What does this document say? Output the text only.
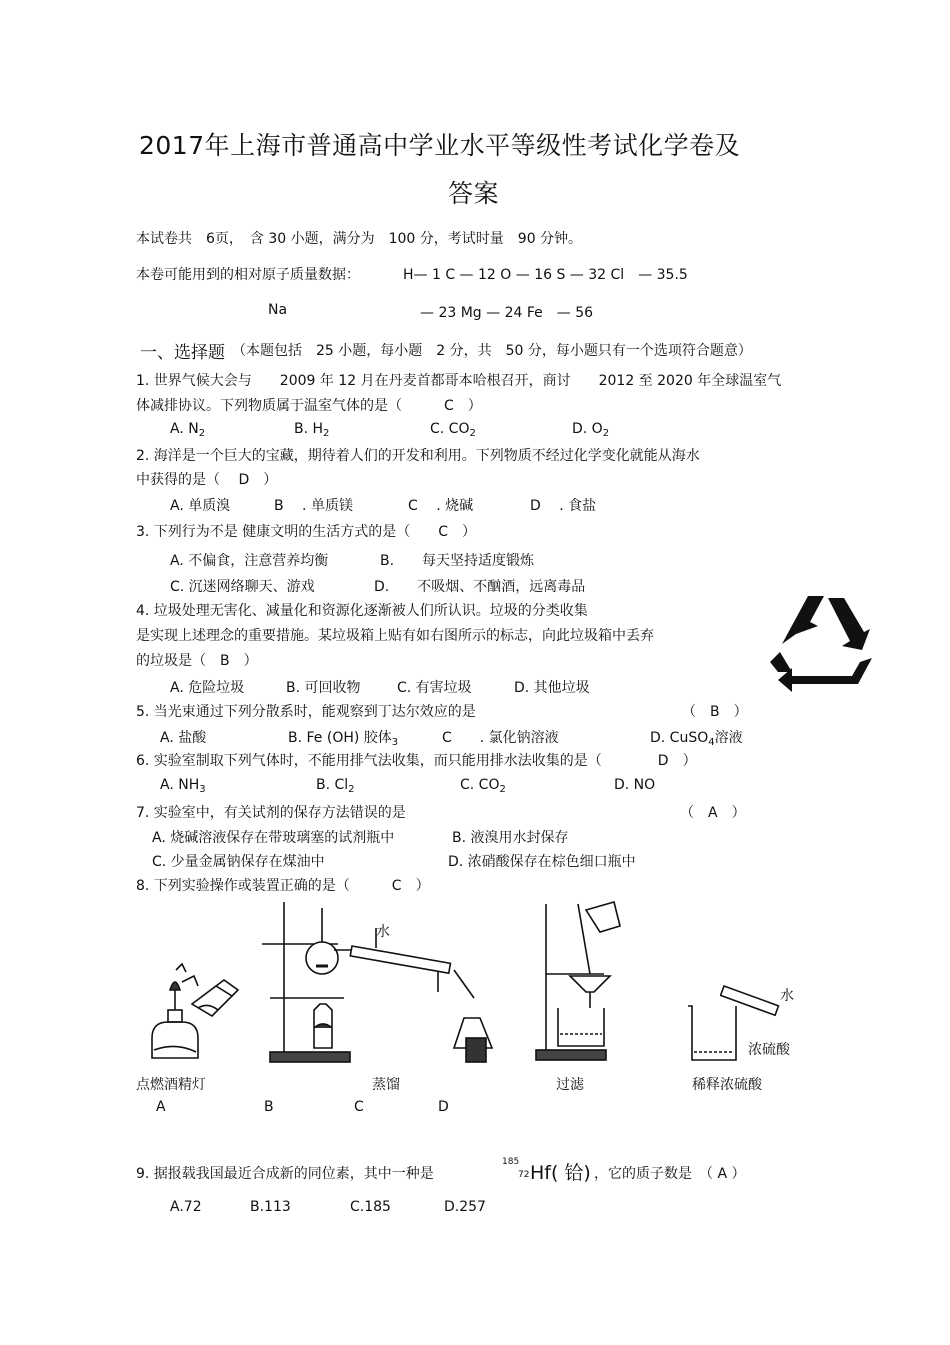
2017年上海市普通高中学业水平等级性考试化学卷及
答案
本试卷共　6页，　含 30 小题，满分为　100 分，考试时量　90 分钟。
本卷可能用到的相对原子质量数据：	H— 1 C — 12 O — 16 S — 32 Cl　— 35.5
Na	— 23 Mg — 24 Fe　— 56
一、选择题 （本题包括　25 小题，每小题　2 分，共　50 分，每小题只有一个选项符合题意）
1. 世界气候大会与　　2009 年 12 月在丹麦首都哥本哈根召开，商讨　　2012 至 2020 年全球温室气
体减排协议。下列物质属于温室气体的是（　　　C　）
A. $N_2$	B. $H_2$	C. $CO_2$	D. $O_2$
2. 海洋是一个巨大的宝藏，期待着人们的开发和利用。下列物质不经过化学变化就能从海水
中获得的是（　 D　）
A. 单质溴	B　 . 单质镁	C　 . 烧碱	D　 . 食盐
3. 下列行为不是 健康文明的生活方式的是（　　C　）
A. 不偏食，注意营养均衡	B.　　每天坚持适度锻炼
C. 沉迷网络聊天、游戏	D.　　不吸烟、不酗酒，远离毒品
4. 垃圾处理无害化、减量化和资源化逐渐被人们所认识。垃圾的分类收集
是实现上述理念的重要措施。某垃圾箱上贴有如右图所示的标志，向此垃圾箱中丢弃
的垃圾是（　B　）
A. 危险垃圾	B. 可回收物	C. 有害垃圾	D. 其他垃圾
5. 当光束通过下列分散系时，能观察到丁达尔效应的是	（　B　）
A. 盐酸	B. Fe (OH) 胶体$_3$	C　　. 氯化钠溶液	D. CuSO$_4$溶液
6. 实验室制取下列气体时，不能用排气法收集，而只能用排水法收集的是（　　　　D　）
A. $NH_3$	B. $Cl_2$	C. $CO_2$	D. NO
7. 实验室中，有关试剂的保存方法错误的是	（　A　）
A. 烧碱溶液保存在带玻璃塞的试剂瓶中	B. 液溴用水封保存
C. 少量金属钠保存在煤油中	D. 浓硝酸保存在棕色细口瓶中
8. 下列实验操作或装置正确的是（　　　C　）
水
水
浓硫酸
点燃酒精灯	蒸馏	过滤	稀释浓硫酸
A	B	C	D
9. 据报载我国最近合成新的同位素，其中一种是
185
72 Hf( 铪) ，它的质子数是　（ A ）
A.72	B.113	C.185	D.257
